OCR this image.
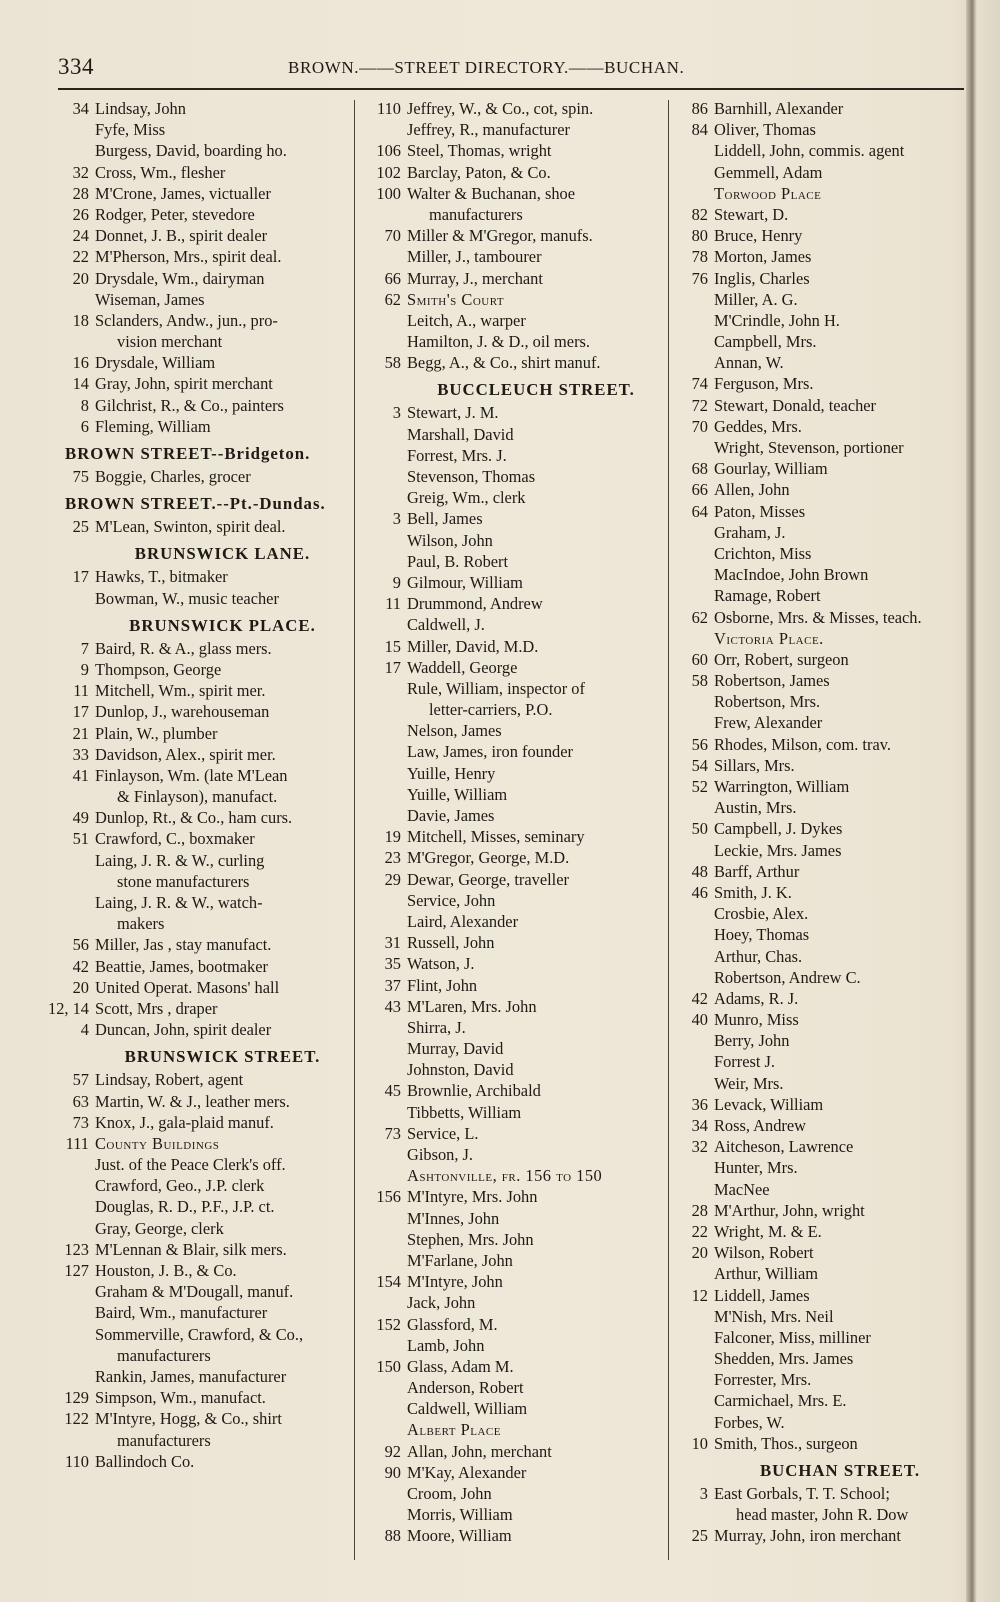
334	BROWN.——STREET DIRECTORY.——BUCHAN.
34 Lindsay, John
Fyfe, Miss
Burgess, David, boarding ho.
32 Cross, Wm., flesher
28 M'Crone, James, victualler
26 Rodger, Peter, stevedore
24 Donnet, J. B., spirit dealer
22 M'Pherson, Mrs., spirit deal.
20 Drysdale, Wm., dairyman
Wiseman, James
18 Sclanders, Andw., jun., pro-
vision merchant
16 Drysdale, William
14 Gray, John, spirit merchant
8 Gilchrist, R., & Co., painters
6 Fleming, William
BROWN STREET--Bridgeton.
75 Boggie, Charles, grocer
BROWN STREET.--Pt.-Dundas.
25 M'Lean, Swinton, spirit deal.
BRUNSWICK LANE.
17 Hawks, T., bitmaker
Bowman, W., music teacher
BRUNSWICK PLACE.
7 Baird, R. & A., glass mers.
9 Thompson, George
11 Mitchell, Wm., spirit mer.
17 Dunlop, J., warehouseman
21 Plain, W., plumber
33 Davidson, Alex., spirit mer.
41 Finlayson, Wm. (late M'Lean
& Finlayson), manufact.
49 Dunlop, Rt., & Co., ham curs.
51 Crawford, C., boxmaker
Laing, J. R. & W., curling
stone manufacturers
Laing, J. R. & W., watch-
makers
56 Miller, Jas , stay manufact.
42 Beattie, James, bootmaker
20 United Operat. Masons' hall
12, 14 Scott, Mrs , draper
4 Duncan, John, spirit dealer
BRUNSWICK STREET.
57 Lindsay, Robert, agent
63 Martin, W. & J., leather mers.
73 Knox, J., gala-plaid manuf.
111 County Buildings
Just. of the Peace Clerk's off.
Crawford, Geo., J.P. clerk
Douglas, R. D., P.F., J.P. ct.
Gray, George, clerk
123 M'Lennan & Blair, silk mers.
127 Houston, J. B., & Co.
Graham & M'Dougall, manuf.
Baird, Wm., manufacturer
Sommerville, Crawford, & Co.,
manufacturers
Rankin, James, manufacturer
129 Simpson, Wm., manufact.
122 M'Intyre, Hogg, & Co., shirt
manufacturers
110 Ballindoch Co.
110 Jeffrey, W., & Co., cot, spin.
Jeffrey, R., manufacturer
106 Steel, Thomas, wright
102 Barclay, Paton, & Co.
100 Walter & Buchanan, shoe
manufacturers
70 Miller & M'Gregor, manufs.
Miller, J., tambourer
66 Murray, J., merchant
62 Smith's Court
Leitch, A., warper
Hamilton, J. & D., oil mers.
58 Begg, A., & Co., shirt manuf.
BUCCLEUCH STREET.
3 Stewart, J. M.
Marshall, David
Forrest, Mrs. J.
Stevenson, Thomas
Greig, Wm., clerk
3 Bell, James
Wilson, John
Paul, B. Robert
9 Gilmour, William
11 Drummond, Andrew
Caldwell, J.
15 Miller, David, M.D.
17 Waddell, George
Rule, William, inspector of
letter-carriers, P.O.
Nelson, James
Law, James, iron founder
Yuille, Henry
Yuille, William
Davie, James
19 Mitchell, Misses, seminary
23 M'Gregor, George, M.D.
29 Dewar, George, traveller
Service, John
Laird, Alexander
31 Russell, John
35 Watson, J.
37 Flint, John
43 M'Laren, Mrs. John
Shirra, J.
Murray, David
Johnston, David
45 Brownlie, Archibald
Tibbetts, William
73 Service, L.
Gibson, J.
Ashtonville, fr. 156 to 150
156 M'Intyre, Mrs. John
M'Innes, John
Stephen, Mrs. John
M'Farlane, John
154 M'Intyre, John
Jack, John
152 Glassford, M.
Lamb, John
150 Glass, Adam M.
Anderson, Robert
Caldwell, William
Albert Place
92 Allan, John, merchant
90 M'Kay, Alexander
Croom, John
Morris, William
88 Moore, William
86 Barnhill, Alexander
84 Oliver, Thomas
Liddell, John, commis. agent
Gemmell, Adam
Torwood Place
82 Stewart, D.
80 Bruce, Henry
78 Morton, James
76 Inglis, Charles
Miller, A. G.
M'Crindle, John H.
Campbell, Mrs.
Annan, W.
74 Ferguson, Mrs.
72 Stewart, Donald, teacher
70 Geddes, Mrs.
Wright, Stevenson, portioner
68 Gourlay, William
66 Allen, John
64 Paton, Misses
Graham, J.
Crichton, Miss
MacIndoe, John Brown
Ramage, Robert
62 Osborne, Mrs. & Misses, teach.
Victoria Place.
60 Orr, Robert, surgeon
58 Robertson, James
Robertson, Mrs.
Frew, Alexander
56 Rhodes, Milson, com. trav.
54 Sillars, Mrs.
52 Warrington, William
Austin, Mrs.
50 Campbell, J. Dykes
Leckie, Mrs. James
48 Barff, Arthur
46 Smith, J. K.
Crosbie, Alex.
Hoey, Thomas
Arthur, Chas.
Robertson, Andrew C.
42 Adams, R. J.
40 Munro, Miss
Berry, John
Forrest J.
Weir, Mrs.
36 Levack, William
34 Ross, Andrew
32 Aitcheson, Lawrence
Hunter, Mrs.
MacNee
28 M'Arthur, John, wright
22 Wright, M. & E.
20 Wilson, Robert
Arthur, William
12 Liddell, James
M'Nish, Mrs. Neil
Falconer, Miss, milliner
Shedden, Mrs. James
Forrester, Mrs.
Carmichael, Mrs. E.
Forbes, W.
10 Smith, Thos., surgeon
BUCHAN STREET.
3 East Gorbals, T. T. School;
head master, John R. Dow
25 Murray, John, iron merchant
